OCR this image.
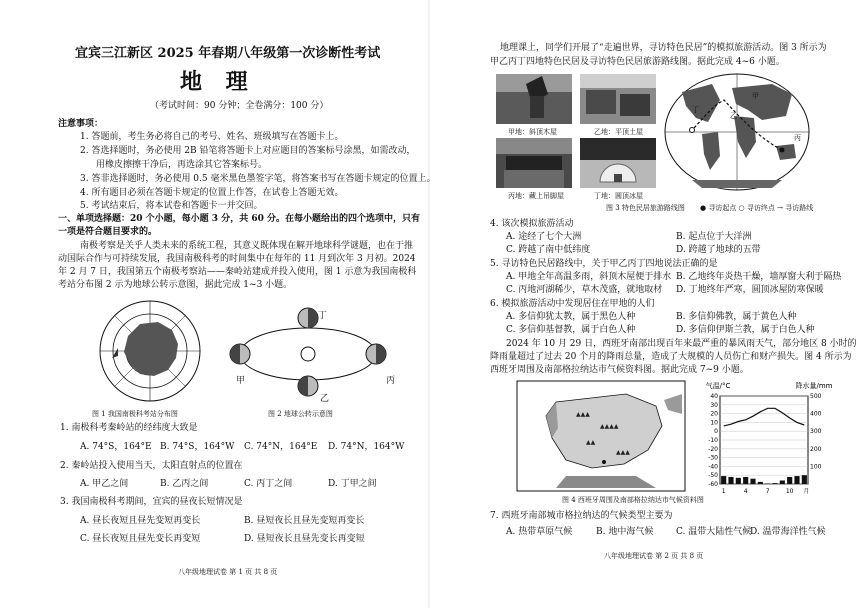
宜宾三江新区 2025 年春期八年级第一次诊断性考试
地 理
（考试时间：90 分钟；全卷满分：100 分）
注意事项：
1. 答题前，考生务必将自己的考号、姓名、班级填写在答题卡上。
2. 答选择题时，务必使用 2B 铅笔将答题卡上对应题目的答案标号涂黑，如需改动，
用橡皮擦擦干净后，再选涂其它答案标号。
3. 答非选择题时，务必使用 0.5 毫米黑色墨签字笔，将答案书写在答题卡规定的位置上。
4. 所有题目必须在答题卡规定的位置上作答，在试卷上答题无效。
5. 考试结束后，将本试卷和答题卡一并交回。
一、单项选择题：20 个小题，每小题 3 分，共 60 分。在每小题给出的四个选项中，只有
一项是符合题目要求的。
南极考察是关乎人类未来的系统工程，其意义既体现在解开地球科学谜题，也在于推
动国际合作与可持续发展，我国南极科考的时间集中在每年的 11 月到次年 3 月初。2024
年 2 月 7 日，我国第五个南极考察站——秦岭站建成并投入使用，图 1 示意为我国南极科
考站分布图 2 示为地球公转示意图，据此完成 1~3 小题。
图 1 我国南极科考站分布图
丁
甲	丙
乙
图 2 地球公转示意图
1. 南极科考秦岭站的经纬度大致是
A. 74°S，164°E B. 74°S，164°W C. 74°N，164°E D. 74°N，164°W
2. 秦岭站投入使用当天，太阳直射点的位置在
A. 甲乙之间	B. 乙丙之间	C. 丙丁之间	D. 丁甲之间
3. 我国南极科考期间，宜宾的昼夜长短情况是
A. 昼长夜短且昼先变短再变长	B. 昼短夜长且昼先变短再变长
C. 昼长夜短且昼先变长再变短	D. 昼短夜长且昼先变长再变短
八年级地理试卷 第 1 页 共 8 页
地理课上，同学们开展了“走遍世界，寻访特色民居”的模拟旅游活动。图 3 所示为
甲乙丙丁四地特色民居及寻访特色民居旅游路线图。据此完成 4~6 小题。
甲地：斜顶木屋	乙地：平顶土屋
丙地：藏上吊脚屋	丁地：圆顶冰屋
甲
乙
丙
丁
● 寻访起点 ○ 寻访终点 → 寻访路线
图 3 特色民居旅游路线图
4. 该次模拟旅游活动
A. 途经了七个大洲	B. 起点位于大洋洲
C. 跨越了南中低纬度	D. 跨越了地球的五带
5. 寻访特色民居路线中，关于甲乙丙丁四地说法正确的是
A. 甲地全年高温多雨，斜顶木屋便于排水 B. 乙地终年炎热干燥，墙厚窗大利于隔热
C. 丙地河湖稀少，草木茂盛，就地取材 D. 丁地终年严寒，圆顶冰屋防寒保暖
6. 模拟旅游活动中发现居住在甲地的人们
A. 多信仰犹太教，属于黑色人种	B. 多信仰佛教，属于黄色人种
C. 多信仰基督教，属于白色人种	D. 多信仰伊斯兰教，属于白色人种
2024 年 10 月 29 日，西班牙南部出现百年来最严重的暴风雨天气，部分地区 8 小时的
降雨量超过了过去 20 个月的降雨总量，造成了大规模的人员伤亡和财产损失。图 4 所示为
西班牙周围及南部格拉纳达市气候资料图。据此完成 7~9 小题。
▲▲▲
▲▲▲▲
▲▲
▲▲▲
40
30
20
10
0
-10
-20
-30
-40
-50
-60
500
400
300
200
100
气温/°C	降水量/mm
1	4	7	10 月
图 4 西班牙周围及南部格拉纳达市气候资料图
7. 西班牙南部城市格拉纳达的气候类型主要为
A. 热带草原气候	B. 地中海气候	C. 温带大陆性气候
D. 温带海洋性气候
八年级地理试卷 第 2 页 共 8 页
